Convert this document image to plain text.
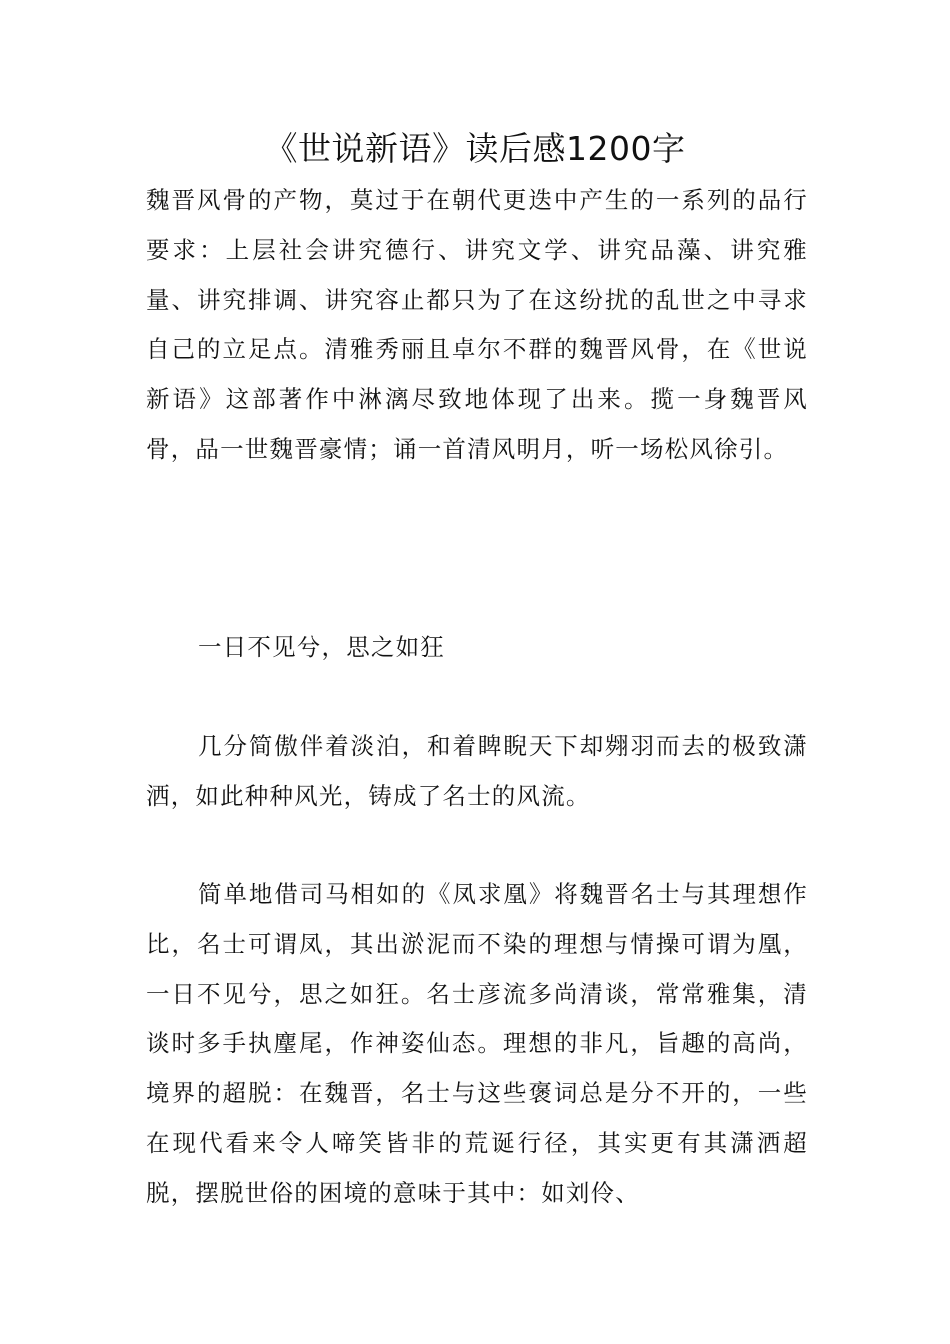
《世说新语》读后感1200字

魏晋风骨的产物，莫过于在朝代更迭中产生的一系列的品行要求：上层社会讲究德行、讲究文学、讲究品藻、讲究雅量、讲究排调、讲究容止都只为了在这纷扰的乱世之中寻求自己的立足点。清雅秀丽且卓尔不群的魏晋风骨，在《世说新语》这部著作中淋漓尽致地体现了出来。揽一身魏晋风骨，品一世魏晋豪情；诵一首清风明月，听一场松风徐引。

一日不见兮，思之如狂

几分简傲伴着淡泊，和着睥睨天下却翙羽而去的极致潇洒，如此种种风光，铸成了名士的风流。

简单地借司马相如的《凤求凰》将魏晋名士与其理想作比，名士可谓凤，其出淤泥而不染的理想与情操可谓为凰，一日不见兮，思之如狂。名士彦流多尚清谈，常常雅集，清谈时多手执麈尾，作神姿仙态。理想的非凡，旨趣的高尚，境界的超脱：在魏晋，名士与这些褒词总是分不开的，一些在现代看来令人啼笑皆非的荒诞行径，其实更有其潇洒超脱，摆脱世俗的困境的意味于其中：如刘伶、
